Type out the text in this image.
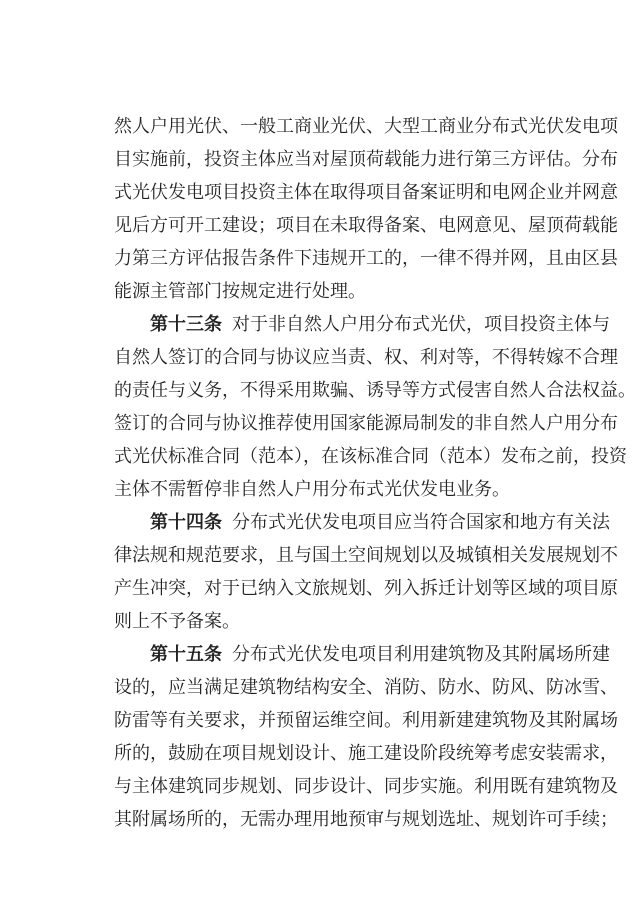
然人户用光伏、一般工商业光伏、大型工商业分布式光伏发电项
目实施前，投资主体应当对屋顶荷载能力进行第三方评估。分布
式光伏发电项目投资主体在取得项目备案证明和电网企业并网意
见后方可开工建设；项目在未取得备案、电网意见、屋顶荷载能
力第三方评估报告条件下违规开工的，一律不得并网，且由区县
能源主管部门按规定进行处理。
第十三条 对于非自然人户用分布式光伏，项目投资主体与
自然人签订的合同与协议应当责、权、利对等，不得转嫁不合理
的责任与义务，不得采用欺骗、诱导等方式侵害自然人合法权益。
签订的合同与协议推荐使用国家能源局制发的非自然人户用分布
式光伏标准合同（范本），在该标准合同（范本）发布之前，投资
主体不需暂停非自然人户用分布式光伏发电业务。
第十四条 分布式光伏发电项目应当符合国家和地方有关法
律法规和规范要求，且与国土空间规划以及城镇相关发展规划不
产生冲突，对于已纳入文旅规划、列入拆迁计划等区域的项目原
则上不予备案。
第十五条 分布式光伏发电项目利用建筑物及其附属场所建
设的，应当满足建筑物结构安全、消防、防水、防风、防冰雪、
防雷等有关要求，并预留运维空间。利用新建建筑物及其附属场
所的，鼓励在项目规划设计、施工建设阶段统筹考虑安装需求，
与主体建筑同步规划、同步设计、同步实施。利用既有建筑物及
其附属场所的，无需办理用地预审与规划选址、规划许可手续；
